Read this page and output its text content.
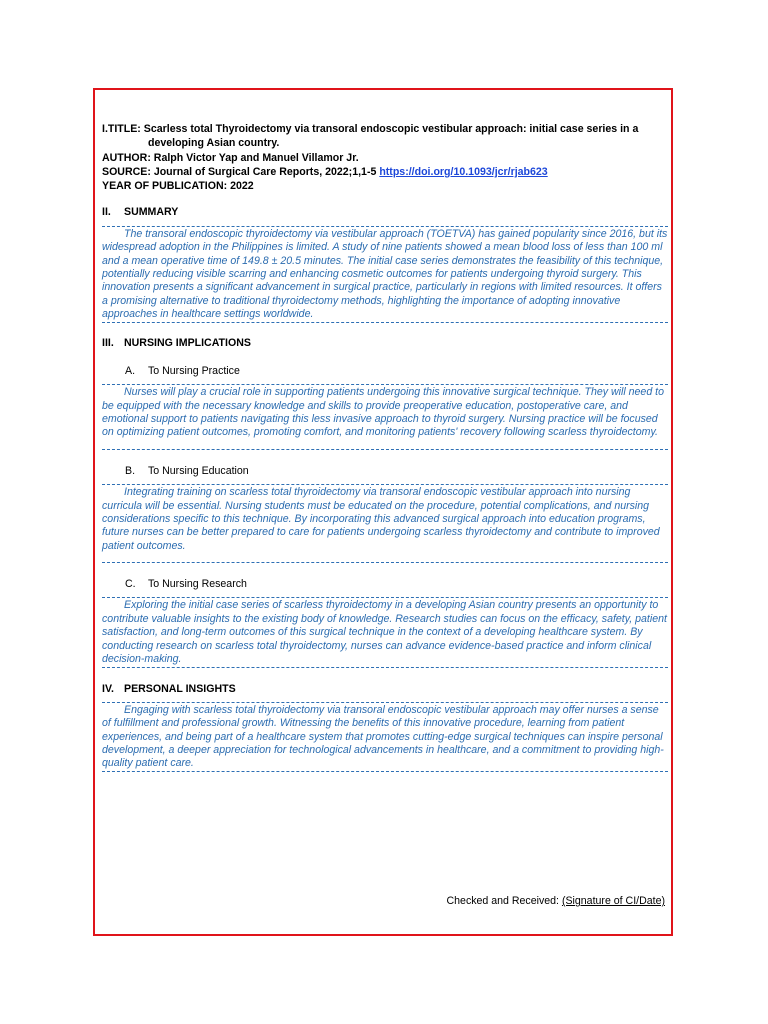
I.TITLE: Scarless total Thyroidectomy via transoral endoscopic vestibular approach: initial case series in a
developing Asian country.
AUTHOR: Ralph Victor Yap and Manuel Villamor Jr.
SOURCE: Journal of Surgical Care Reports, 2022;1,1-5 https://doi.org/10.1093/jcr/rjab623
YEAR OF PUBLICATION: 2022
II. SUMMARY
The transoral endoscopic thyroidectomy via vestibular approach (TOETVA) has gained popularity since 2016, but its widespread adoption in the Philippines is limited. A study of nine patients showed a mean blood loss of less than 100 ml and a mean operative time of 149.8 ± 20.5 minutes. The initial case series demonstrates the feasibility of this technique, potentially reducing visible scarring and enhancing cosmetic outcomes for patients undergoing thyroid surgery. This innovation presents a significant advancement in surgical practice, particularly in regions with limited resources. It offers a promising alternative to traditional thyroidectomy methods, highlighting the importance of adopting innovative approaches in healthcare settings worldwide.
III. NURSING IMPLICATIONS
A. To Nursing Practice
Nurses will play a crucial role in supporting patients undergoing this innovative surgical technique. They will need to be equipped with the necessary knowledge and skills to provide preoperative education, postoperative care, and emotional support to patients navigating this less invasive approach to thyroid surgery. Nursing practice will be focused on optimizing patient outcomes, promoting comfort, and monitoring patients' recovery following scarless thyroidectomy.
B. To Nursing Education
Integrating training on scarless total thyroidectomy via transoral endoscopic vestibular approach into nursing curricula will be essential. Nursing students must be educated on the procedure, potential complications, and nursing considerations specific to this technique. By incorporating this advanced surgical approach into education programs, future nurses can be better prepared to care for patients undergoing scarless thyroidectomy and contribute to improved patient outcomes.
C. To Nursing Research
Exploring the initial case series of scarless thyroidectomy in a developing Asian country presents an opportunity to contribute valuable insights to the existing body of knowledge. Research studies can focus on the efficacy, safety, patient satisfaction, and long-term outcomes of this surgical technique in the context of a developing healthcare system. By conducting research on scarless total thyroidectomy, nurses can advance evidence-based practice and inform clinical decision-making.
IV. PERSONAL INSIGHTS
Engaging with scarless total thyroidectomy via transoral endoscopic vestibular approach may offer nurses a sense of fulfillment and professional growth. Witnessing the benefits of this innovative procedure, learning from patient experiences, and being part of a healthcare system that promotes cutting-edge surgical techniques can inspire personal development, a deeper appreciation for technological advancements in healthcare, and a commitment to providing high-quality patient care.
Checked and Received: (Signature of CI/Date)
